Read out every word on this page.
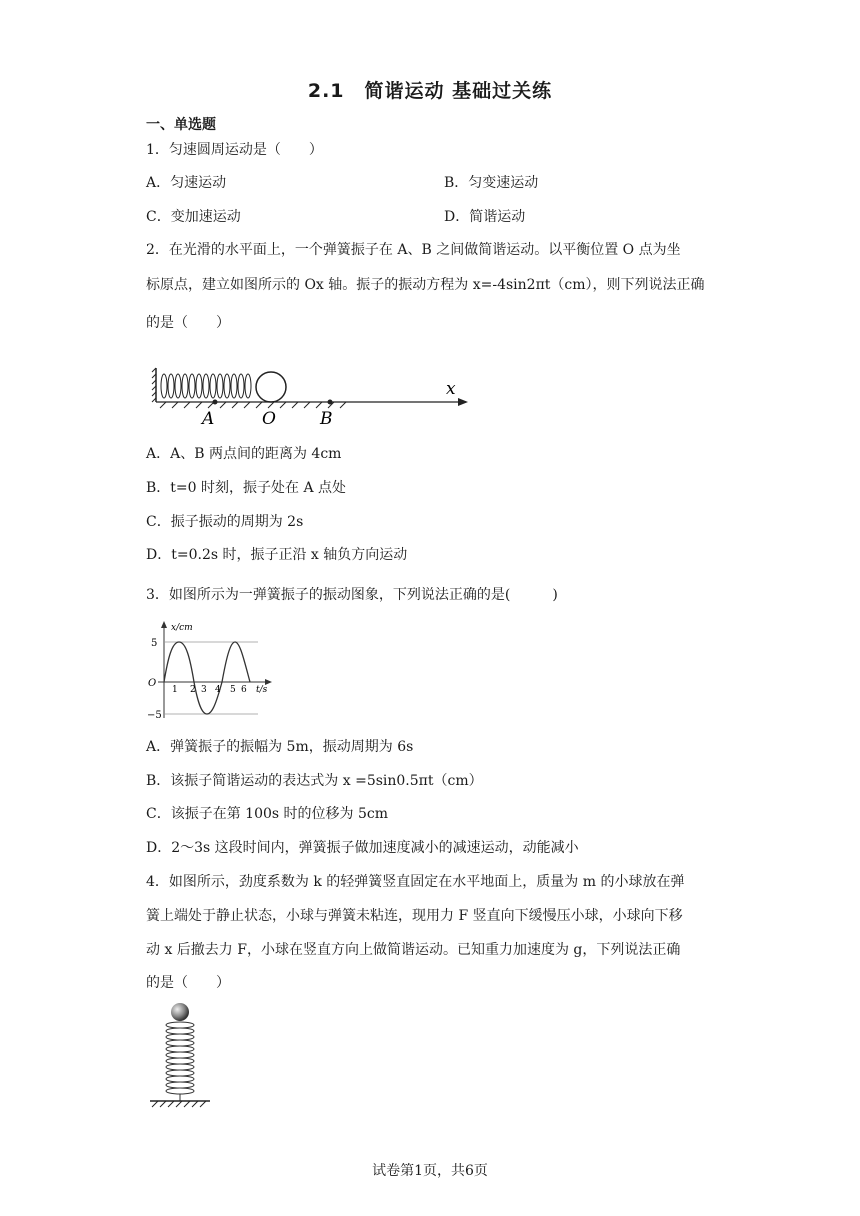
2.1　简谐运动 基础过关练
一、单选题
1．匀速圆周运动是（　　）
A．匀速运动	B．匀变速运动
C．变加速运动	D．简谐运动
2．在光滑的水平面上，一个弹簧振子在 A、B 之间做简谐运动。以平衡位置 O 点为坐
标原点，建立如图所示的 Ox 轴。振子的振动方程为 x=-4sin2πt（cm），则下列说法正确
的是（　　）
A	O	B
x
A．A、B 两点间的距离为 4cm
B．t=0 时刻，振子处在 A 点处
C．振子振动的周期为 2s
D．t=0.2s 时，振子正沿 x 轴负方向运动
3．如图所示为一弹簧振子的振动图象，下列说法正确的是(　　　)
x/cm
t/s
O
5
−5
1 2 3 4 5 6
A．弹簧振子的振幅为 5m，振动周期为 6s
B．该振子简谐运动的表达式为 x =5sin0.5πt（cm）
C．该振子在第 100s 时的位移为 5cm
D．2～3s 这段时间内，弹簧振子做加速度减小的减速运动，动能减小
4．如图所示，劲度系数为 k 的轻弹簧竖直固定在水平地面上，质量为 m 的小球放在弹
簧上端处于静止状态，小球与弹簧未粘连，现用力 F 竖直向下缓慢压小球，小球向下移
动 x 后撤去力 F，小球在竖直方向上做简谐运动。已知重力加速度为 g，下列说法正确
的是（　　）
试卷第1页，共6页
